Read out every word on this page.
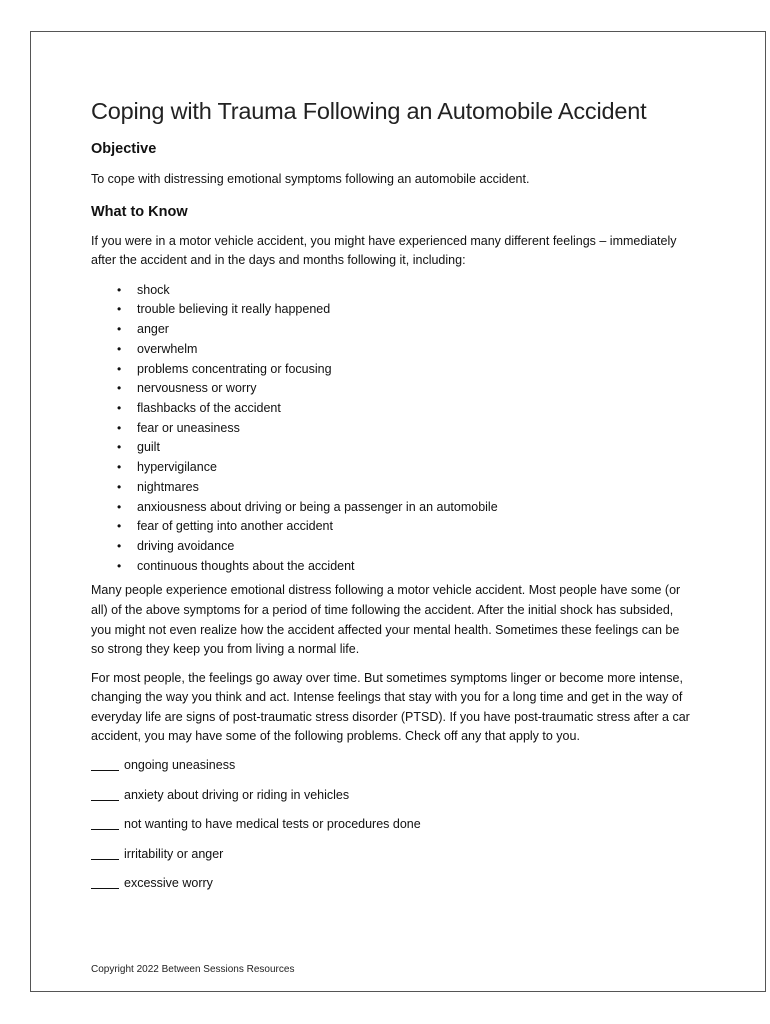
Coping with Trauma Following an Automobile Accident
Objective

To cope with distressing emotional symptoms following an automobile accident.

What to Know

If you were in a motor vehicle accident, you might have experienced many different feelings – immediately after the accident and in the days and months following it, including:

• shock
• trouble believing it really happened
• anger
• overwhelm
• problems concentrating or focusing
• nervousness or worry
• flashbacks of the accident
• fear or uneasiness
• guilt
• hypervigilance
• nightmares
• anxiousness about driving or being a passenger in an automobile
• fear of getting into another accident
• driving avoidance
• continuous thoughts about the accident

Many people experience emotional distress following a motor vehicle accident. Most people have some (or all) of the above symptoms for a period of time following the accident. After the initial shock has subsided, you might not even realize how the accident affected your mental health. Sometimes these feelings can be so strong they keep you from living a normal life.

For most people, the feelings go away over time. But sometimes symptoms linger or become more intense, changing the way you think and act. Intense feelings that stay with you for a long time and get in the way of everyday life are signs of post-traumatic stress disorder (PTSD). If you have post-traumatic stress after a car accident, you may have some of the following problems. Check off any that apply to you.

ongoing uneasiness
anxiety about driving or riding in vehicles
not wanting to have medical tests or procedures done
irritability or anger
excessive worry
Copyright 2022 Between Sessions Resources
